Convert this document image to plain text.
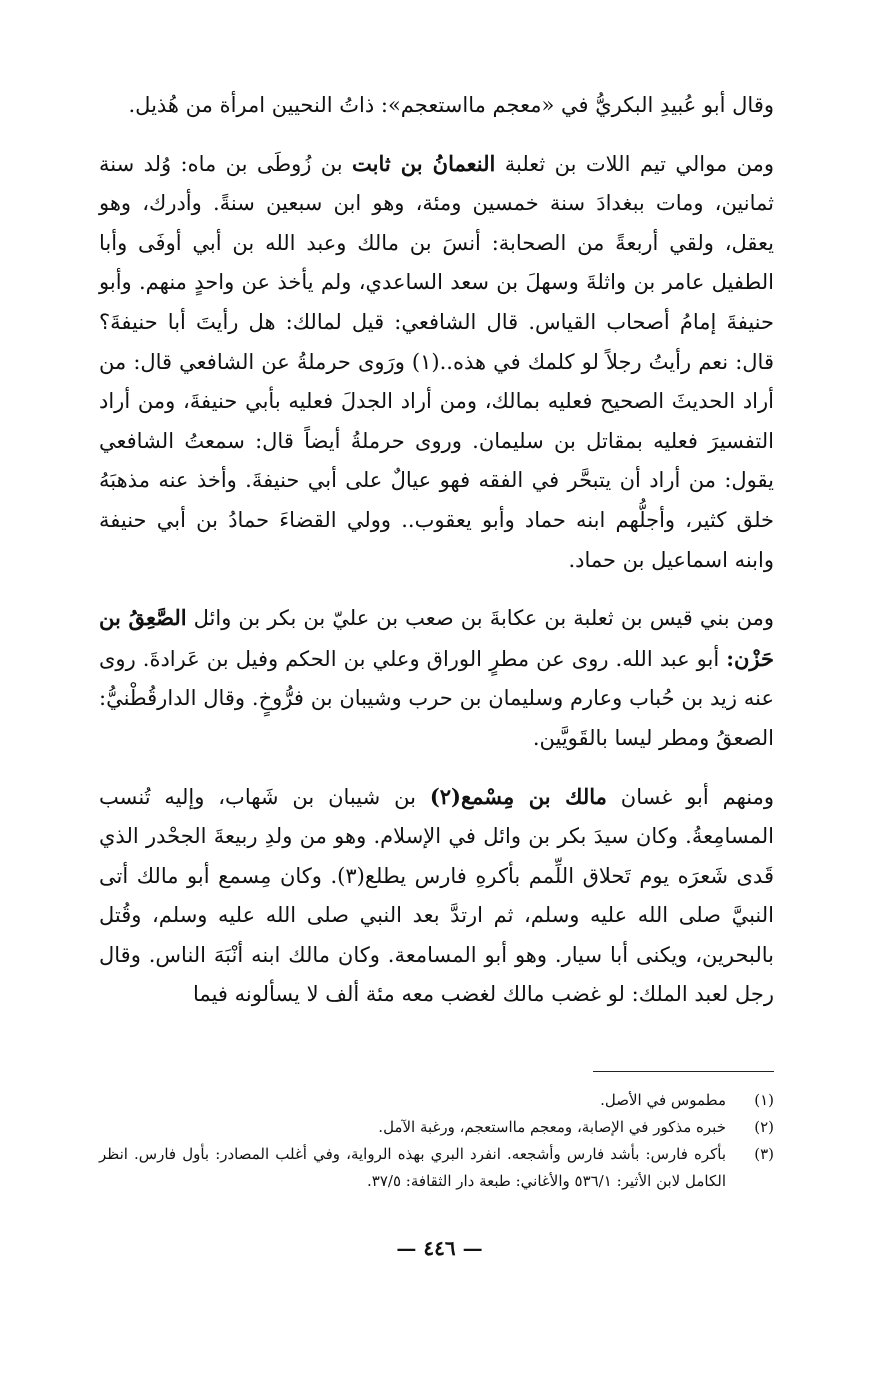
وقال أبو عُبيدِ البكريُّ في «معجم مااستعجم»: ذاتُ النحيين امرأة من هُذيل.

ومن موالي تيم اللات بن ثعلبة النعمانُ بن ثابت بن زُوطَى بن ماه: وُلد سنة ثمانين، ومات ببغدادَ سنة خمسين ومئة، وهو ابن سبعين سنةً. وأدرك، وهو يعقل، ولقي أربعةً من الصحابة: أنسَ بن مالك وعبد الله بن أبي أوفَى وأبا الطفيل عامر بن واثلةَ وسهلَ بن سعد الساعدي، ولم يأخذ عن واحدٍ منهم. وأبو حنيفةَ إمامُ أصحاب القياس. قال الشافعي: قيل لمالك: هل رأيتَ أبا حنيفةَ؟ قال: نعم رأيتُ رجلاً لو كلمك في هذه..(١) ورَوى حرملةُ عن الشافعي قال: من أراد الحديثَ الصحيح فعليه بمالك، ومن أراد الجدلَ فعليه بأبي حنيفةَ، ومن أراد التفسيرَ فعليه بمقاتل بن سليمان. وروى حرملةُ أيضاً قال: سمعتُ الشافعي يقول: من أراد أن يتبحَّر في الفقه فهو عيالٌ على أبي حنيفةَ. وأخذ عنه مذهبَهُ خلق كثير، وأجلُّهم ابنه حماد وأبو يعقوب.. وولي القضاءَ حمادُ بن أبي حنيفة وابنه اسماعيل بن حماد.

ومن بني قيس بن ثعلبة بن عكابةَ بن صعب بن عليّ بن بكر بن وائل الصَّعِقُ بن حَزْن: أبو عبد الله. روى عن مطرٍ الوراق وعلي بن الحكم وفيل بن عَرادةَ. روى عنه زيد بن حُباب وعارم وسليمان بن حرب وشيبان بن فرُّوخٍ. وقال الدارقُطْنيُّ: الصعقُ ومطر ليسا بالقَويَّين.

ومنهم أبو غسان مالك بن مِسْمع(٢) بن شيبان بن شَهاب، وإليه تُنسب المسامِعةُ. وكان سيدَ بكر بن وائل في الإسلام. وهو من ولدِ ربيعةَ الجحْدر الذي قَدى شَعرَه يوم تَحلاق اللِّمم بأكرهِ فارس يطلع(٣). وكان مِسمع أبو مالك أتى النبيَّ صلى الله عليه وسلم، ثم ارتدَّ بعد النبي صلى الله عليه وسلم، وقُتل بالبحرين، ويكنى أبا سيار. وهو أبو المسامعة. وكان مالك ابنه أنْبَهَ الناس. وقال رجل لعبد الملك: لو غضب مالك لغضب معه مئة ألف لا يسألونه فيما

(١)
مطموس في الأصل.
(٢)
خبره مذكور في الإصابة، ومعجم مااستعجم، ورغبة الآمل.
(٣)
بأكره فارس: بأشد فارس وأشجعه. انفرد البري بهذه الرواية، وفي أغلب المصادر: بأول فارس. انظر الكامل لابن الأثير: ٥٣٦/١ والأغاني: طبعة دار الثقافة: ٣٧/٥.
— ٤٤٦ —
